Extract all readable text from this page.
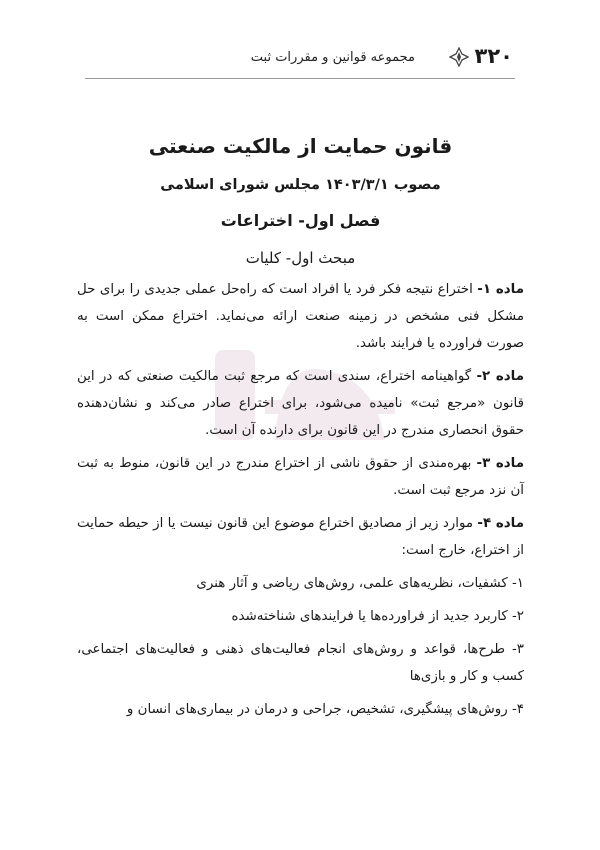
۳۲۰
مجموعه قوانین و مقررات ثبت
قانون حمایت از مالکیت صنعتی
مصوب ۱۴۰۳/۳/۱ مجلس شورای اسلامی
فصل اول- اختراعات
مبحث اول- کلیات

ماده ۱- اختراع نتیجه فکر فرد یا افراد است که راه‌حل عملی جدیدی را برای حل مشکل فنی مشخص در زمینه صنعت ارائه می‌نماید. اختراع ممکن است به صورت فراورده یا فرایند باشد.

ماده ۲- گواهینامه اختراع، سندی است که مرجع ثبت مالکیت صنعتی که در این قانون «مرجع ثبت» نامیده می‌شود، برای اختراع صادر می‌کند و نشان‌دهنده حقوق انحصاری مندرج در این قانون برای دارنده آن است.

ماده ۳- بهره‌مندی از حقوق ناشی از اختراع مندرج در این قانون، منوط به ثبت آن نزد مرجع ثبت است.

ماده ۴- موارد زیر از مصادیق اختراع موضوع این قانون نیست یا از حیطه حمایت از اختراع، خارج است:

۱- کشفیات، نظریه‌های علمی، روش‌های ریاضی و آثار هنری

۲- کاربرد جدید از فراورده‌ها یا فرایندهای شناخته‌شده

۳- طرح‌ها، قواعد و روش‌های انجام فعالیت‌های ذهنی و فعالیت‌های اجتماعی، کسب و کار و بازی‌ها

۴- روش‌های پیشگیری، تشخیص، جراحی و درمان در بیماری‌های انسان و
